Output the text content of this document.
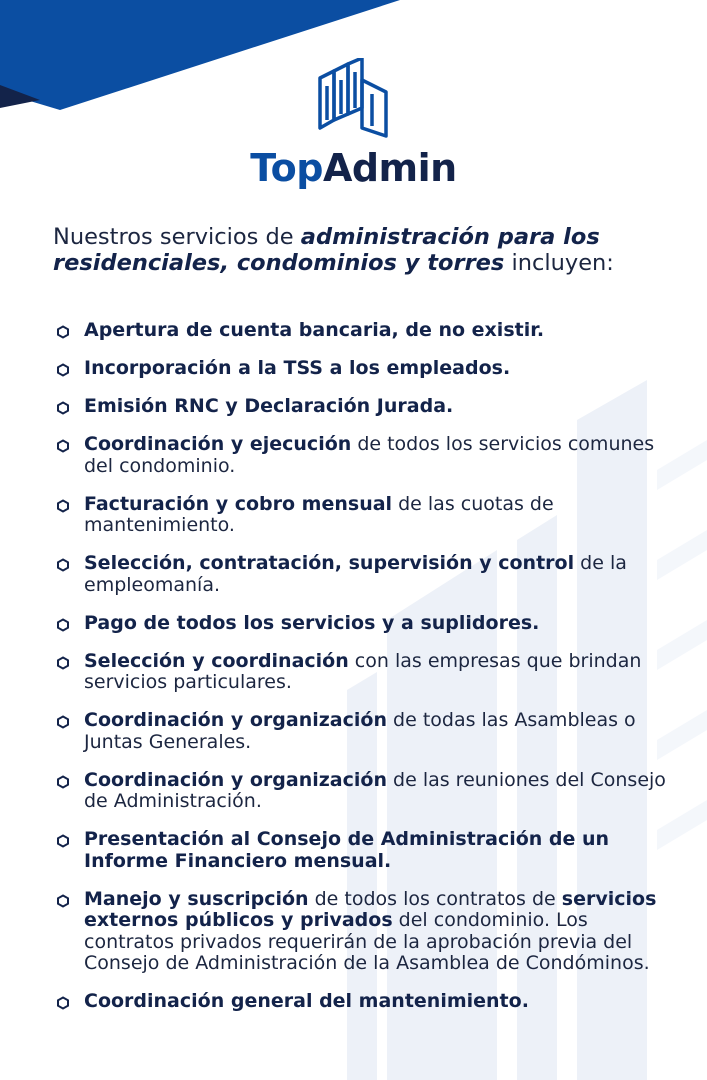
TopAdmin
Nuestros servicios de administración para los residenciales, condominios y torres incluyen:
Apertura de cuenta bancaria, de no existir.
Incorporación a la TSS a los empleados.
Emisión RNC y Declaración Jurada.
Coordinación y ejecución de todos los servicios comunes del condominio.
Facturación y cobro mensual de las cuotas de mantenimiento.
Selección, contratación, supervisión y control de la empleomanía.
Pago de todos los servicios y a suplidores.
Selección y coordinación con las empresas que brindan servicios particulares.
Coordinación y organización de todas las Asambleas o Juntas Generales.
Coordinación y organización de las reuniones del Consejo de Administración.
Presentación al Consejo de Administración de un Informe Financiero mensual.
Manejo y suscripción de todos los contratos de servicios externos públicos y privados del condominio. Los contratos privados requerirán de la aprobación previa del Consejo de Administración de la Asamblea de Condóminos.
Coordinación general del mantenimiento.
